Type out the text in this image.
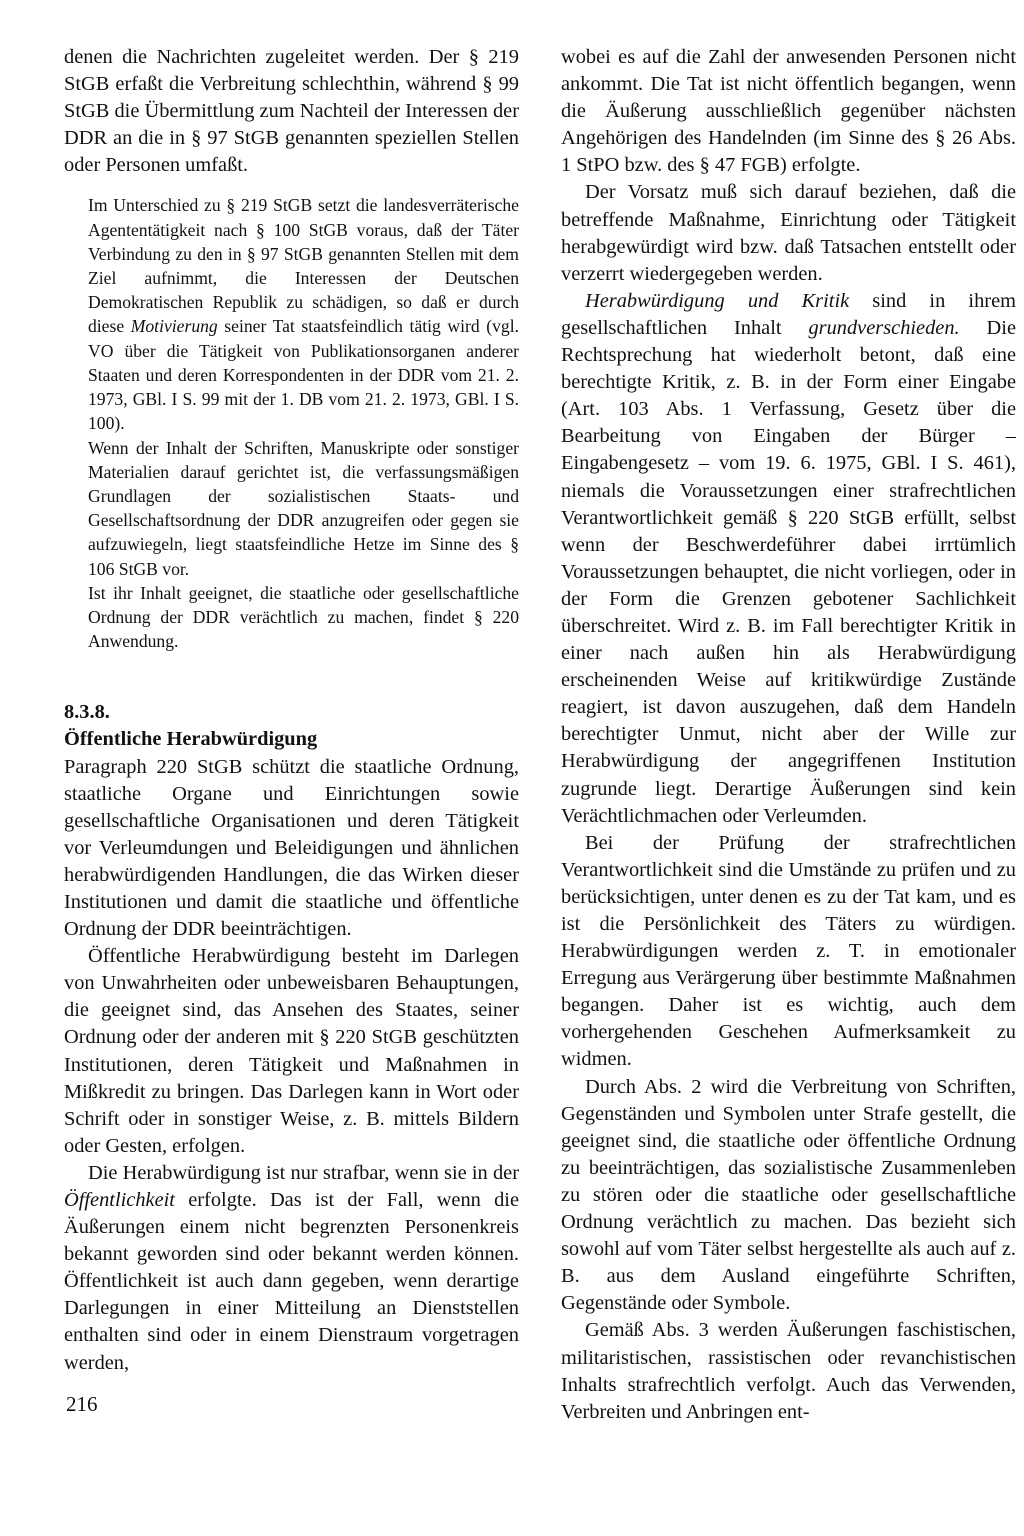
denen die Nachrichten zugeleitet werden. Der § 219 StGB erfaßt die Verbreitung schlechthin, während § 99 StGB die Übermittlung zum Nachteil der Interessen der DDR an die in § 97 StGB genannten speziellen Stellen oder Personen umfaßt.

Im Unterschied zu § 219 StGB setzt die landesverräterische Agententätigkeit nach § 100 StGB voraus, daß der Täter Verbindung zu den in § 97 StGB genannten Stellen mit dem Ziel aufnimmt, die Interessen der Deutschen Demokratischen Republik zu schädigen, so daß er durch diese Motivierung seiner Tat staatsfeindlich tätig wird (vgl. VO über die Tätigkeit von Publikationsorganen anderer Staaten und deren Korrespondenten in der DDR vom 21. 2. 1973, GBl. I S. 99 mit der 1. DB vom 21. 2. 1973, GBl. I S. 100).

Wenn der Inhalt der Schriften, Manuskripte oder sonstiger Materialien darauf gerichtet ist, die verfassungsmäßigen Grundlagen der sozialistischen Staats- und Gesellschaftsordnung der DDR anzugreifen oder gegen sie aufzuwiegeln, liegt staatsfeindliche Hetze im Sinne des § 106 StGB vor.

Ist ihr Inhalt geeignet, die staatliche oder gesellschaftliche Ordnung der DDR verächtlich zu machen, findet § 220 Anwendung.

8.3.8.
Öffentliche Herabwürdigung

Paragraph 220 StGB schützt die staatliche Ordnung, staatliche Organe und Einrichtungen sowie gesellschaftliche Organisationen und deren Tätigkeit vor Verleumdungen und Beleidigungen und ähnlichen herabwürdigenden Handlungen, die das Wirken dieser Institutionen und damit die staatliche und öffentliche Ordnung der DDR beeinträchtigen.

Öffentliche Herabwürdigung besteht im Darlegen von Unwahrheiten oder unbeweisbaren Behauptungen, die geeignet sind, das Ansehen des Staates, seiner Ordnung oder der anderen mit § 220 StGB geschützten Institutionen, deren Tätigkeit und Maßnahmen in Mißkredit zu bringen. Das Darlegen kann in Wort oder Schrift oder in sonstiger Weise, z. B. mittels Bildern oder Gesten, erfolgen.

Die Herabwürdigung ist nur strafbar, wenn sie in der Öffentlichkeit erfolgte. Das ist der Fall, wenn die Äußerungen einem nicht begrenzten Personenkreis bekannt geworden sind oder bekannt werden können. Öffentlichkeit ist auch dann gegeben, wenn derartige Darlegungen in einer Mitteilung an Dienststellen enthalten sind oder in einem Dienstraum vorgetragen werden,

wobei es auf die Zahl der anwesenden Personen nicht ankommt. Die Tat ist nicht öffentlich begangen, wenn die Äußerung ausschließlich gegenüber nächsten Angehörigen des Handelnden (im Sinne des § 26 Abs. 1 StPO bzw. des § 47 FGB) erfolgte.

Der Vorsatz muß sich darauf beziehen, daß die betreffende Maßnahme, Einrichtung oder Tätigkeit herabgewürdigt wird bzw. daß Tatsachen entstellt oder verzerrt wiedergegeben werden.

Herabwürdigung und Kritik sind in ihrem gesellschaftlichen Inhalt grundverschieden. Die Rechtsprechung hat wiederholt betont, daß eine berechtigte Kritik, z. B. in der Form einer Eingabe (Art. 103 Abs. 1 Verfassung, Gesetz über die Bearbeitung von Eingaben der Bürger – Eingabengesetz – vom 19. 6. 1975, GBl. I S. 461), niemals die Voraussetzungen einer strafrechtlichen Verantwortlichkeit gemäß § 220 StGB erfüllt, selbst wenn der Beschwerdeführer dabei irrtümlich Voraussetzungen behauptet, die nicht vorliegen, oder in der Form die Grenzen gebotener Sachlichkeit überschreitet. Wird z. B. im Fall berechtigter Kritik in einer nach außen hin als Herabwürdigung erscheinenden Weise auf kritikwürdige Zustände reagiert, ist davon auszugehen, daß dem Handeln berechtigter Unmut, nicht aber der Wille zur Herabwürdigung der angegriffenen Institution zugrunde liegt. Derartige Äußerungen sind kein Verächtlichmachen oder Verleumden.

Bei der Prüfung der strafrechtlichen Verantwortlichkeit sind die Umstände zu prüfen und zu berücksichtigen, unter denen es zu der Tat kam, und es ist die Persönlichkeit des Täters zu würdigen. Herabwürdigungen werden z. T. in emotionaler Erregung aus Verärgerung über bestimmte Maßnahmen begangen. Daher ist es wichtig, auch dem vorhergehenden Geschehen Aufmerksamkeit zu widmen.

Durch Abs. 2 wird die Verbreitung von Schriften, Gegenständen und Symbolen unter Strafe gestellt, die geeignet sind, die staatliche oder öffentliche Ordnung zu beeinträchtigen, das sozialistische Zusammenleben zu stören oder die staatliche oder gesellschaftliche Ordnung verächtlich zu machen. Das bezieht sich sowohl auf vom Täter selbst hergestellte als auch auf z. B. aus dem Ausland eingeführte Schriften, Gegenstände oder Symbole.

Gemäß Abs. 3 werden Äußerungen faschistischen, militaristischen, rassistischen oder revanchistischen Inhalts strafrechtlich verfolgt. Auch das Verwenden, Verbreiten und Anbringen ent-

216
